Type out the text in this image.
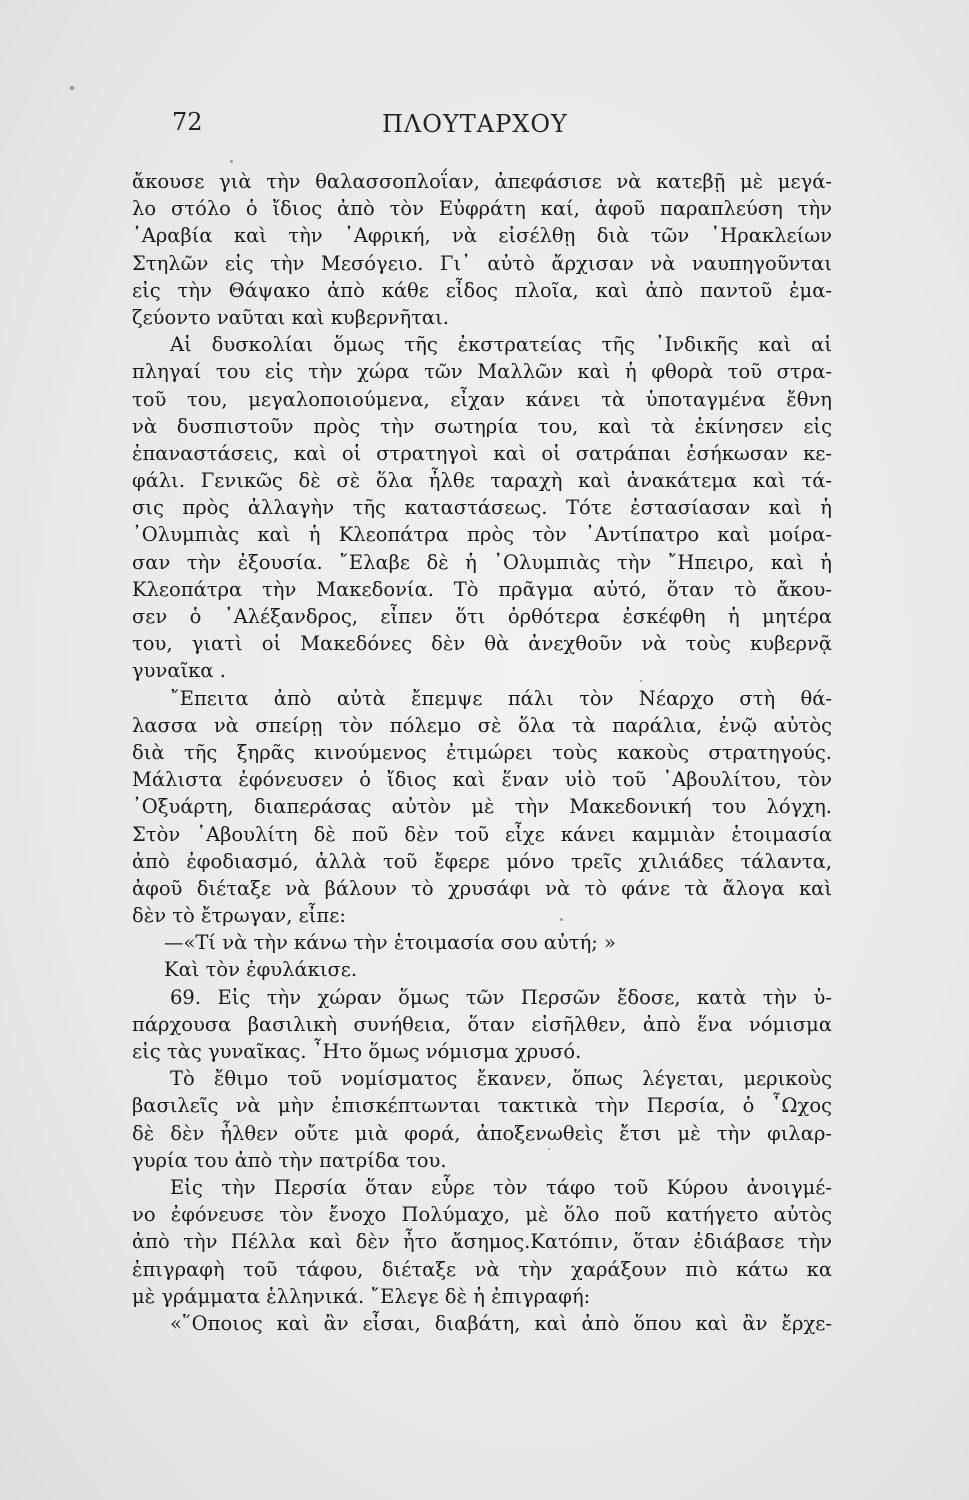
72	ΠΛΟΥΤΑΡΧΟΥ
ἄκουσε γιὰ τὴν θαλασσοπλοΐαν, ἀπεφάσισε νὰ κατεβῇ μὲ μεγά-
λο στόλο ὁ ἴδιος ἀπὸ τὸν Εὐφράτη καί, ἀφοῦ παραπλεύση τὴν
᾿Αραβία καὶ τὴν ᾿Αφρική, νὰ εἰσέλθῃ διὰ τῶν ῾Ηρακλείων
Στηλῶν εἰς τὴν Μεσόγειο. Γι᾿ αὐτὸ ἄρχισαν νὰ ναυπηγοῦνται
εἰς τὴν Θάψακο ἀπὸ κάθε εἶδος πλοῖα, καὶ ἀπὸ παντοῦ ἐμα-
ζεύοντο ναῦται καὶ κυβερνῆται.
Αἱ δυσκολίαι ὅμως τῆς ἐκστρατείας τῆς ᾿Ινδικῆς καὶ αἱ
πληγαί του εἰς τὴν χώρα τῶν Μαλλῶν καὶ ἡ φθορὰ τοῦ στρα-
τοῦ του, μεγαλοποιούμενα, εἶχαν κάνει τὰ ὑποταγμένα ἔθνη
νὰ δυσπιστοῦν πρὸς τὴν σωτηρία του, καὶ τὰ ἐκίνησεν εἰς
ἐπαναστάσεις, καὶ οἱ στρατηγοὶ καὶ οἱ σατράπαι ἐσήκωσαν κε-
φάλι. Γενικῶς δὲ σὲ ὅλα ἦλθε ταραχὴ καὶ ἀνακάτεμα καὶ τά-
σις πρὸς ἀλλαγὴν τῆς καταστάσεως. Τότε ἐστασίασαν καὶ ἡ
᾿Ολυμπιὰς καὶ ἡ Κλεοπάτρα πρὸς τὸν ᾿Αντίπατρο καὶ μοίρα-
σαν τὴν ἐξουσία. ῎Ελαβε δὲ ἡ ᾿Ολυμπιὰς τὴν ῎Ηπειρο, καὶ ἡ
Κλεοπάτρα τὴν Μακεδονία. Τὸ πρᾶγμα αὐτό, ὅταν τὸ ἄκου-
σεν ὁ ᾿Αλέξανδρος, εἶπεν ὅτι ὀρθότερα ἐσκέφθη ἡ μητέρα
του, γιατὶ οἱ Μακεδόνες δὲν θὰ ἀνεχθοῦν νὰ τοὺς κυβερνᾷ
γυναῖκα .
῎Επειτα ἀπὸ αὐτὰ ἔπεμψε πάλι τὸν Νέαρχο στὴ θά-
λασσα νὰ σπείρῃ τὸν πόλεμο σὲ ὅλα τὰ παράλια, ἐνῷ αὐτὸς
διὰ τῆς ξηρᾶς κινούμενος ἐτιμώρει τοὺς κακοὺς στρατηγούς.
Μάλιστα ἐφόνευσεν ὁ ἴδιος καὶ ἕναν υἱὸ τοῦ ᾿Αβουλίτου, τὸν
᾿Οξυάρτη, διαπεράσας αὐτὸν μὲ τὴν Μακεδονική του λόγχη.
Στὸν ᾿Αβουλίτη δὲ ποῦ δὲν τοῦ εἶχε κάνει καμμιὰν ἑτοιμασία
ἀπὸ ἐφοδιασμό, ἀλλὰ τοῦ ἔφερε μόνο τρεῖς χιλιάδες τάλαντα,
ἀφοῦ διέταξε νὰ βάλουν τὸ χρυσάφι νὰ τὸ φάνε τὰ ἄλογα καὶ
δὲν τὸ ἔτρωγαν, εἶπε:
—«Τί νὰ τὴν κάνω τὴν ἑτοιμασία σου αὐτή; »
Καὶ τὸν ἐφυλάκισε.
69. Εἰς τὴν χώραν ὅμως τῶν Περσῶν ἔδοσε, κατὰ τὴν ὑ-
πάρχουσα βασιλικὴ συνήθεια, ὅταν εἰσῆλθεν, ἀπὸ ἕνα νόμισμα
εἰς τὰς γυναῖκας. ῏Ητο ὅμως νόμισμα χρυσό.
Τὸ ἔθιμο τοῦ νομίσματος ἔκανεν, ὅπως λέγεται, μερικοὺς
βασιλεῖς νὰ μὴν ἐπισκέπτωνται τακτικὰ τὴν Περσία, ὁ ῟Ωχος
δὲ δὲν ἦλθεν οὔτε μιὰ φορά, ἀποξενωθεὶς ἔτσι μὲ τὴν φιλαρ-
γυρία του ἀπὸ τὴν πατρίδα του.
Εἰς τὴν Περσία ὅταν εὗρε τὸν τάφο τοῦ Κύρου ἀνοιγμέ-
νο ἐφόνευσε τὸν ἔνοχο Πολύμαχο, μὲ ὅλο ποῦ κατήγετο αὐτὸς
ἀπὸ τὴν Πέλλα καὶ δὲν ἦτο ἄσημος.Κατόπιν, ὅταν ἐδιάβασε τὴν
ἐπιγραφὴ τοῦ τάφου, διέταξε νὰ τὴν χαράξουν πιὸ κάτω κα
μὲ γράμματα ἑλληνικά. ῎Ελεγε δὲ ἡ ἐπιγραφή:
«῞Οποιος καὶ ἂν εἶσαι, διαβάτη, καὶ ἀπὸ ὅπου καὶ ἂν ἔρχε-
